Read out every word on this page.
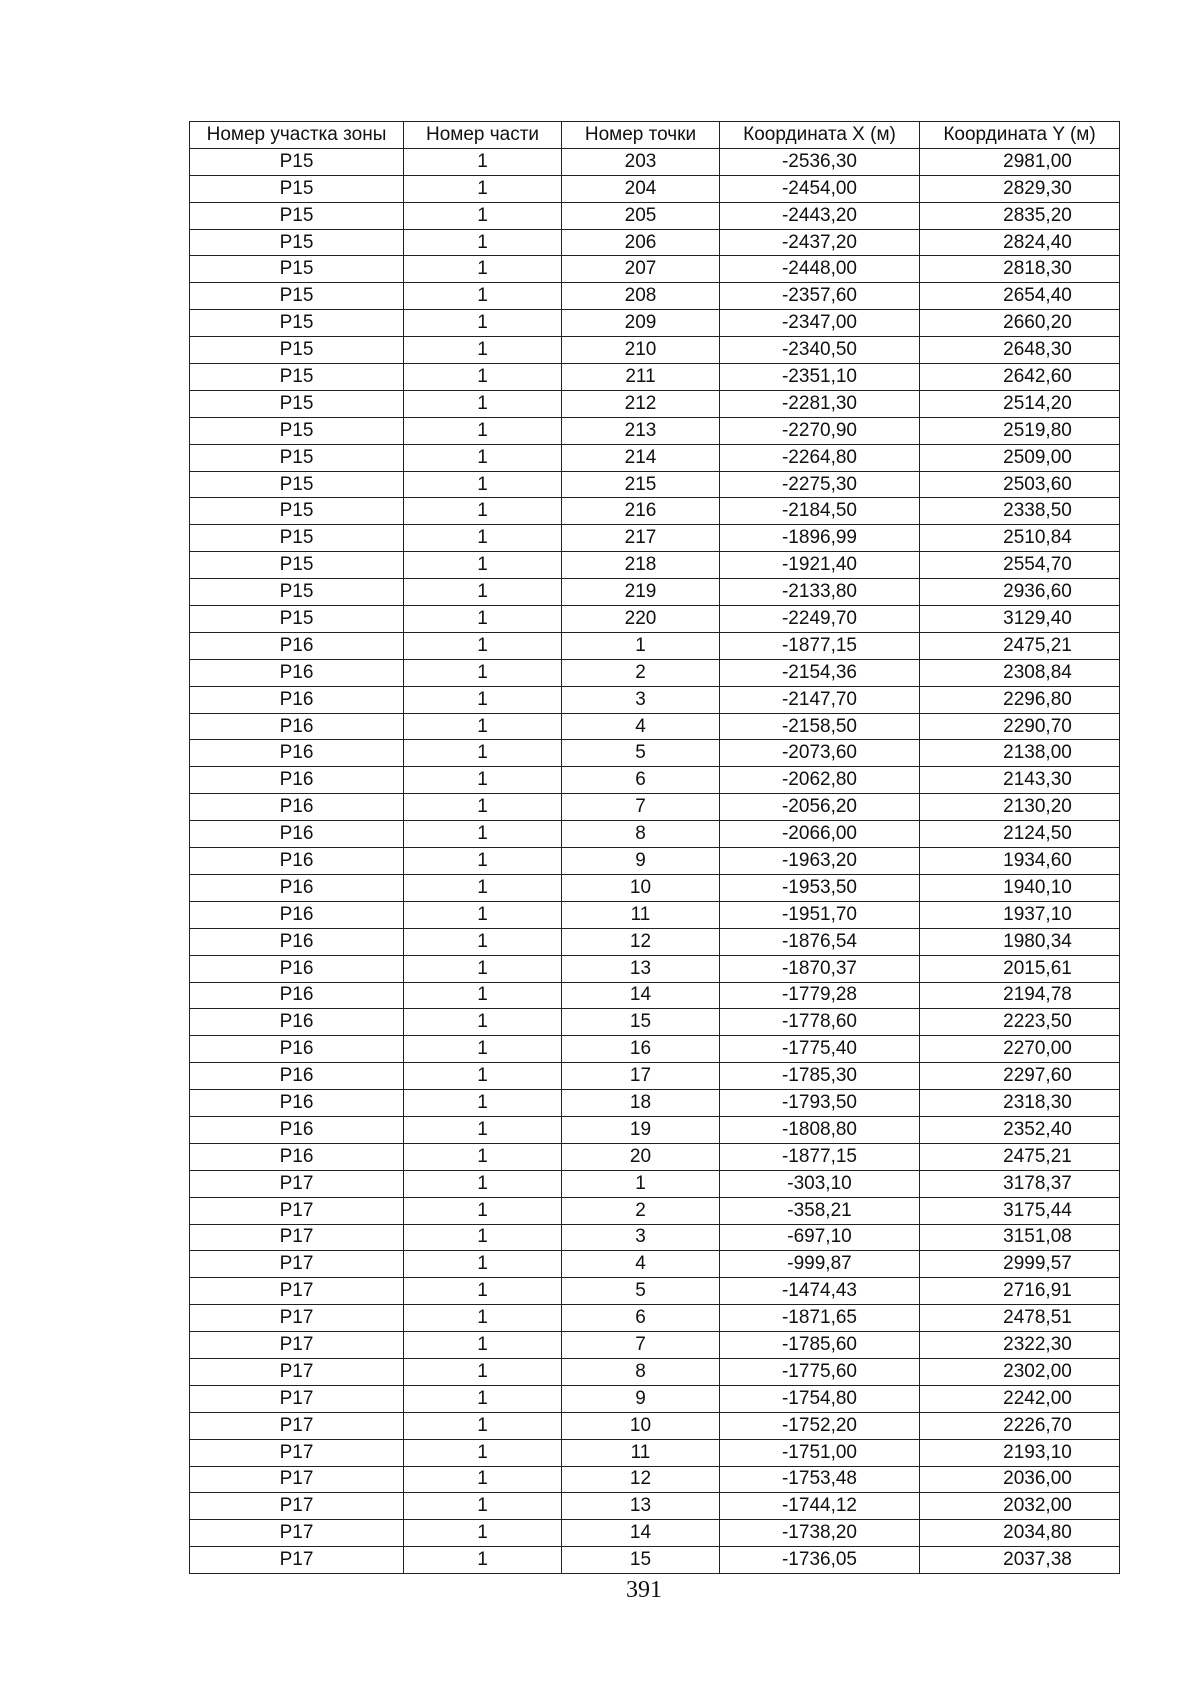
Номер участка зоны	Номер части	Номер точки	Координата X (м)	Координата Y (м)
Р15	1	203	-2536,30	2981,00
Р15	1	204	-2454,00	2829,30
Р15	1	205	-2443,20	2835,20
Р15	1	206	-2437,20	2824,40
Р15	1	207	-2448,00	2818,30
Р15	1	208	-2357,60	2654,40
Р15	1	209	-2347,00	2660,20
Р15	1	210	-2340,50	2648,30
Р15	1	211	-2351,10	2642,60
Р15	1	212	-2281,30	2514,20
Р15	1	213	-2270,90	2519,80
Р15	1	214	-2264,80	2509,00
Р15	1	215	-2275,30	2503,60
Р15	1	216	-2184,50	2338,50
Р15	1	217	-1896,99	2510,84
Р15	1	218	-1921,40	2554,70
Р15	1	219	-2133,80	2936,60
Р15	1	220	-2249,70	3129,40
Р16	1	1	-1877,15	2475,21
Р16	1	2	-2154,36	2308,84
Р16	1	3	-2147,70	2296,80
Р16	1	4	-2158,50	2290,70
Р16	1	5	-2073,60	2138,00
Р16	1	6	-2062,80	2143,30
Р16	1	7	-2056,20	2130,20
Р16	1	8	-2066,00	2124,50
Р16	1	9	-1963,20	1934,60
Р16	1	10	-1953,50	1940,10
Р16	1	11	-1951,70	1937,10
Р16	1	12	-1876,54	1980,34
Р16	1	13	-1870,37	2015,61
Р16	1	14	-1779,28	2194,78
Р16	1	15	-1778,60	2223,50
Р16	1	16	-1775,40	2270,00
Р16	1	17	-1785,30	2297,60
Р16	1	18	-1793,50	2318,30
Р16	1	19	-1808,80	2352,40
Р16	1	20	-1877,15	2475,21
Р17	1	1	-303,10	3178,37
Р17	1	2	-358,21	3175,44
Р17	1	3	-697,10	3151,08
Р17	1	4	-999,87	2999,57
Р17	1	5	-1474,43	2716,91
Р17	1	6	-1871,65	2478,51
Р17	1	7	-1785,60	2322,30
Р17	1	8	-1775,60	2302,00
Р17	1	9	-1754,80	2242,00
Р17	1	10	-1752,20	2226,70
Р17	1	11	-1751,00	2193,10
Р17	1	12	-1753,48	2036,00
Р17	1	13	-1744,12	2032,00
Р17	1	14	-1738,20	2034,80
Р17	1	15	-1736,05	2037,38
391
